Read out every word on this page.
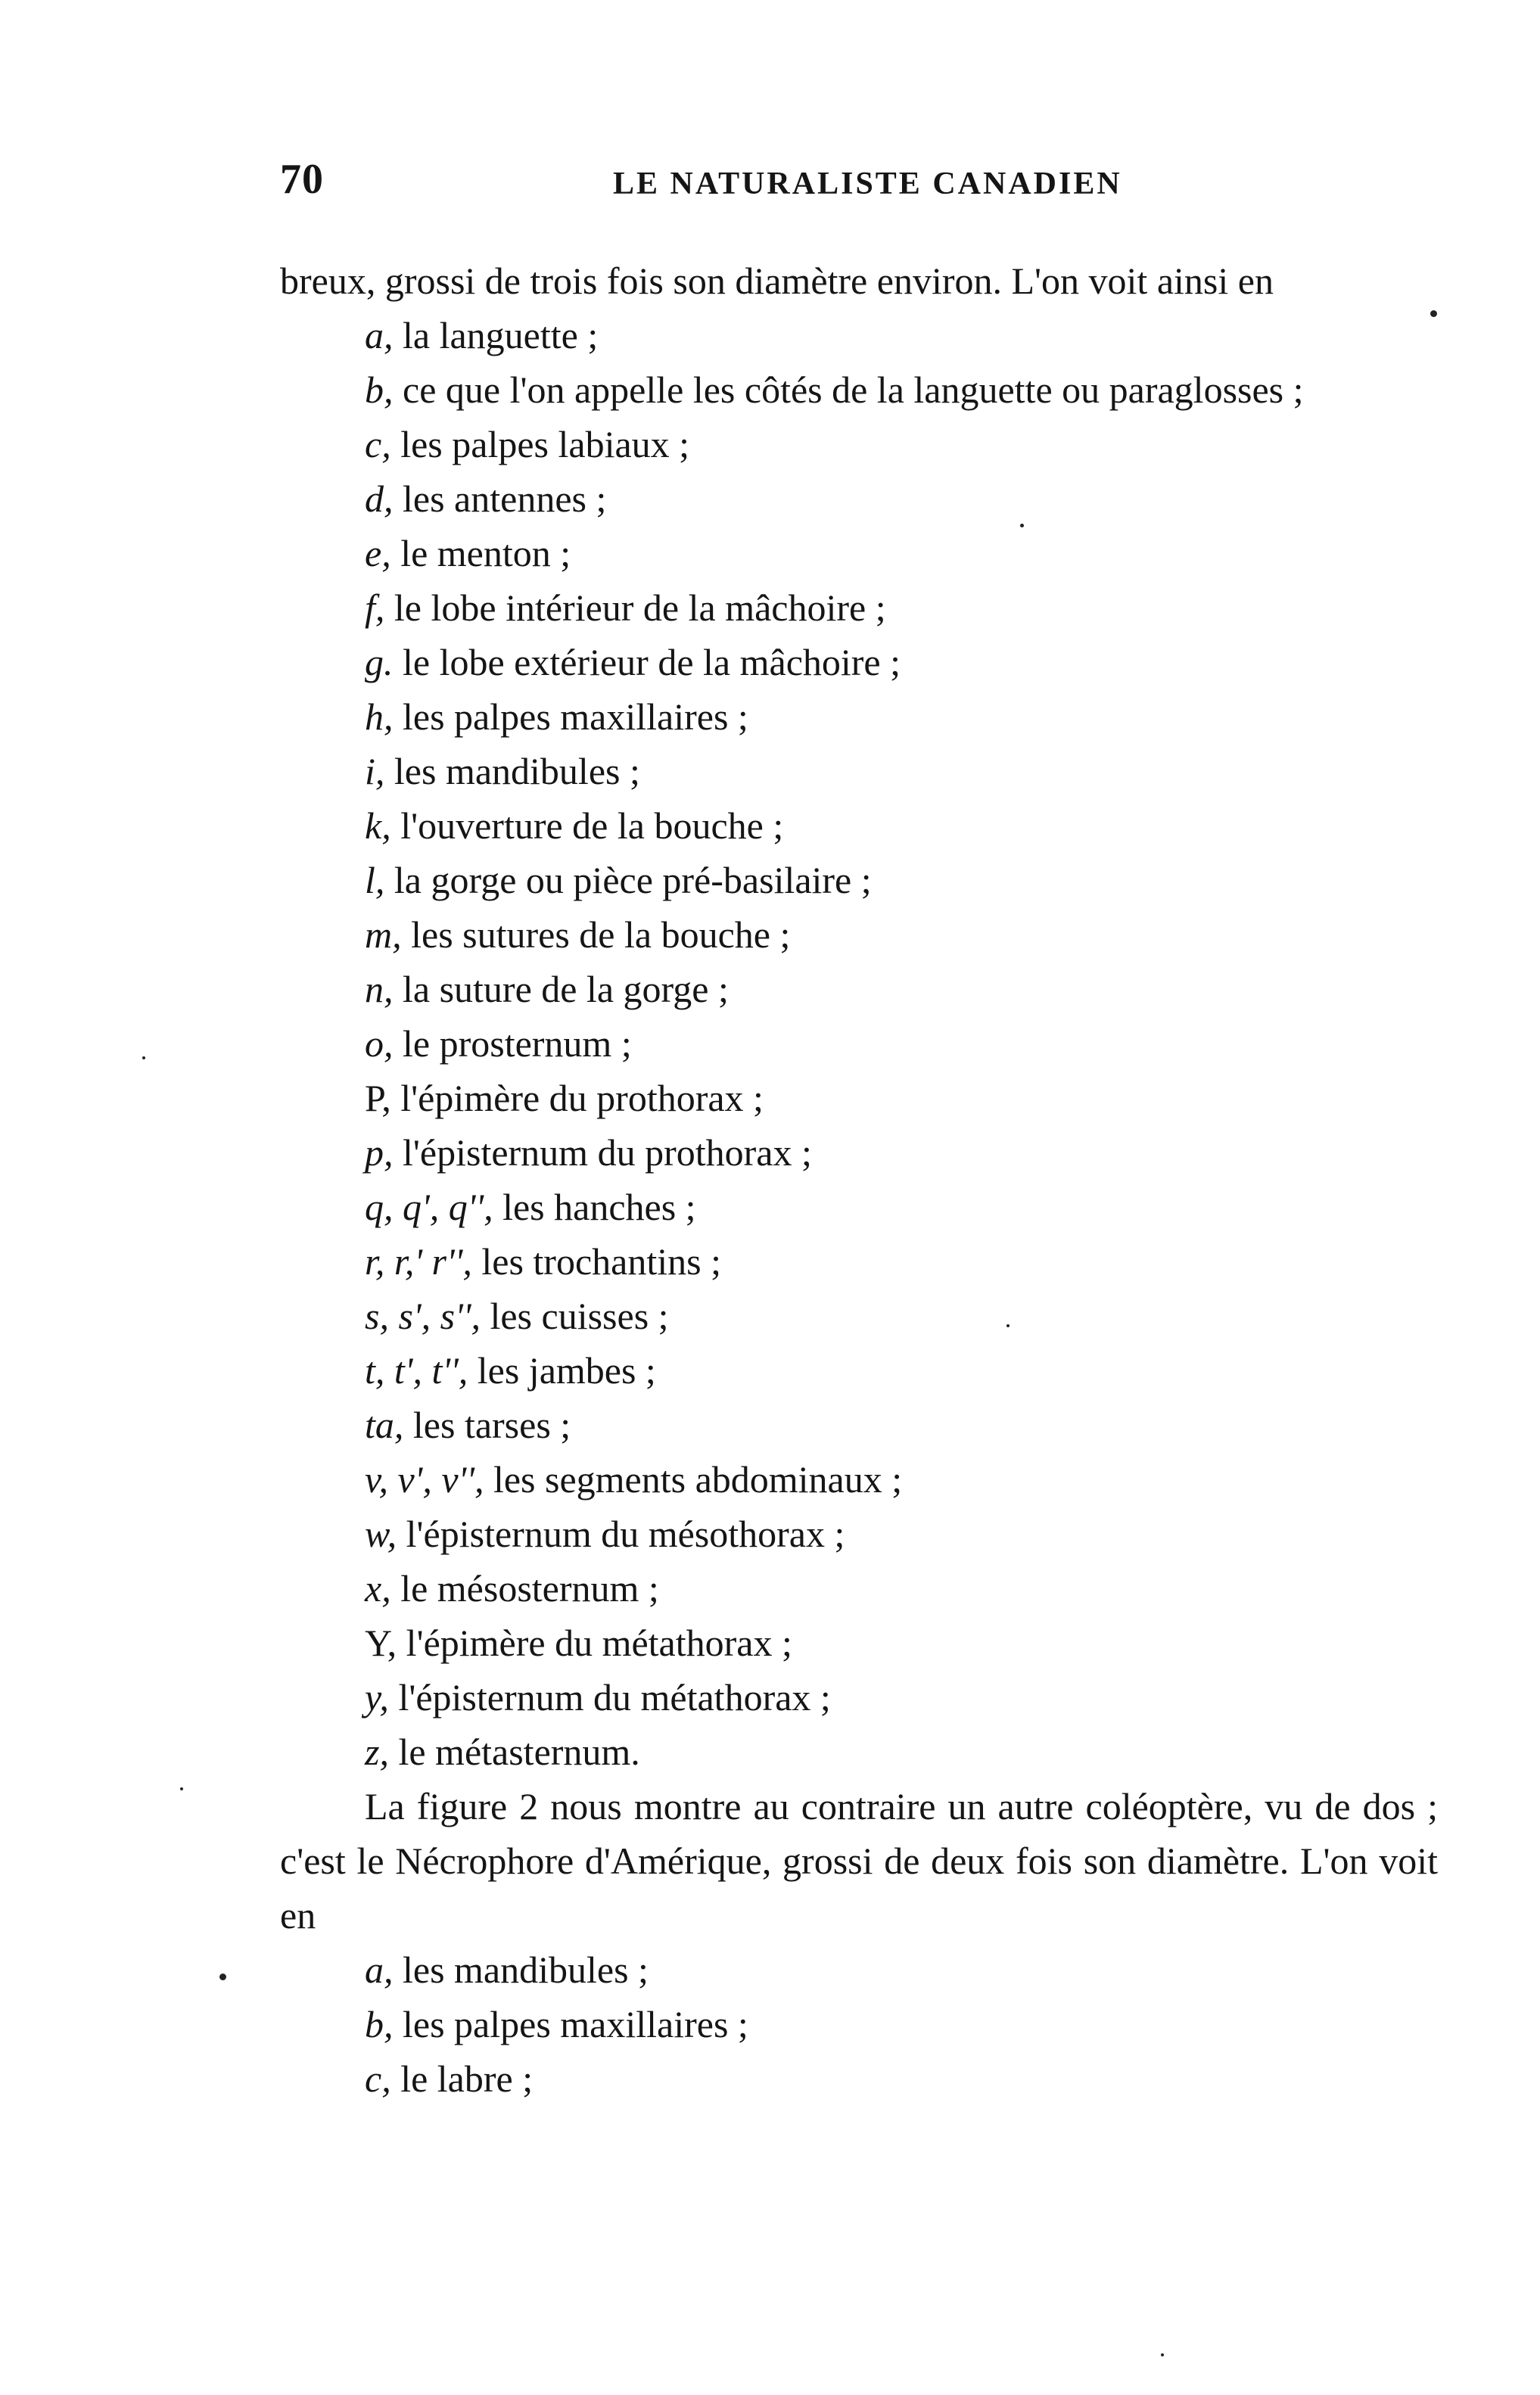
70	LE NATURALISTE CANADIEN

breux, grossi de trois fois son diamètre environ. L'on voit ainsi en

a, la languette ;
b, ce que l'on appelle les côtés de la languette ou paraglosses ;
c, les palpes labiaux ;
d, les antennes ;
e, le menton ;
f, le lobe intérieur de la mâchoire ;
g. le lobe extérieur de la mâchoire ;
h, les palpes maxillaires ;
i, les mandibules ;
k, l'ouverture de la bouche ;
l, la gorge ou pièce pré-basilaire ;
m, les sutures de la bouche ;
n, la suture de la gorge ;
o, le prosternum ;
P, l'épimère du prothorax ;
p, l'épisternum du prothorax ;
q, q', q'', les hanches ;
r, r,' r'', les trochantins ;
s, s', s'', les cuisses ;
t, t', t'', les jambes ;
ta, les tarses ;
v, v', v'', les segments abdominaux ;
w, l'épisternum du mésothorax ;
x, le mésosternum ;
Y, l'épimère du métathorax ;
y, l'épisternum du métathorax ;
z, le métasternum.

La figure 2 nous montre au contraire un autre coléoptère, vu de dos ; c'est le Nécrophore d'Amérique, grossi de deux fois son diamètre. L'on voit en

a, les mandibules ;
b, les palpes maxillaires ;
c, le labre ;
